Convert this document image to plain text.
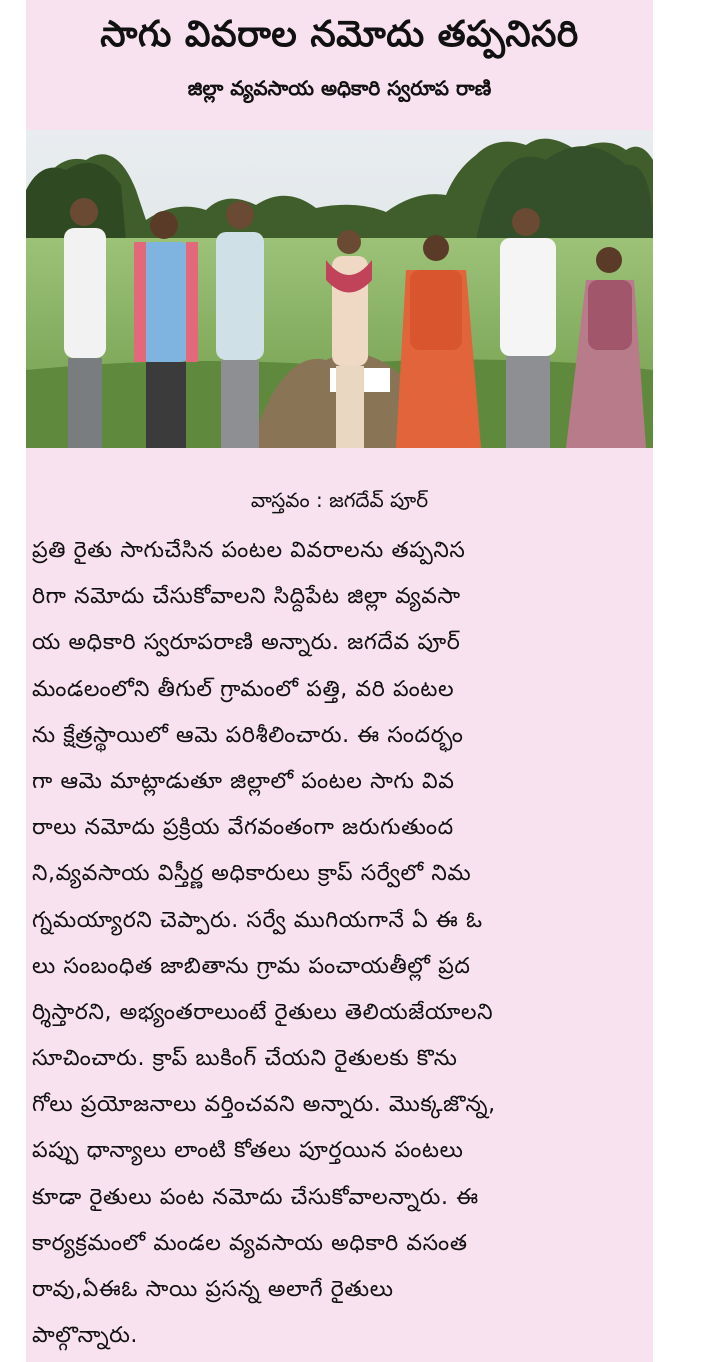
సాగు వివరాల నమోదు తప్పనిసరి
జిల్లా వ్యవసాయ అధికారి స్వరూప రాణి
వాస్తవం : జగదేవ్ పూర్
ప్రతి రైతు సాగుచేసిన పంటల వివరాలను తప్పనిస
రిగా నమోదు చేసుకోవాలని సిద్దిపేట జిల్లా వ్యవసా
య అధికారి స్వరూపరాణి అన్నారు. జగదేవ పూర్
మండలంలోని తీగుల్ గ్రామంలో పత్తి, వరి పంటల
ను క్షేత్రస్థాయిలో ఆమె పరిశీలించారు. ఈ సందర్భం
గా ఆమె మాట్లాడుతూ జిల్లాలో పంటల సాగు వివ
రాలు నమోదు ప్రక్రియ వేగవంతంగా జరుగుతుంద
ని,వ్యవసాయ విస్తీర్ణ అధికారులు క్రాప్ సర్వేలో నిమ
గ్నమయ్యారని చెప్పారు. సర్వే ముగియగానే ఏ ఈ ఓ
లు సంబంధిత జాబితాను గ్రామ పంచాయతీల్లో ప్రద
ర్శిస్తారని, అభ్యంతరాలుంటే రైతులు తెలియజేయాలని
సూచించారు. క్రాప్ బుకింగ్ చేయని రైతులకు కొను
గోలు ప్రయోజనాలు వర్తించవని అన్నారు. మొక్కజొన్న,
పప్పు ధాన్యాలు లాంటి కోతలు పూర్తయిన పంటలు
కూడా రైతులు పంట నమోదు చేసుకోవాలన్నారు. ఈ
కార్యక్రమంలో మండల వ్యవసాయ అధికారి వసంత
రావు,ఏఈఓ సాయి ప్రసన్న అలాగే రైతులు
పాల్గొన్నారు.
